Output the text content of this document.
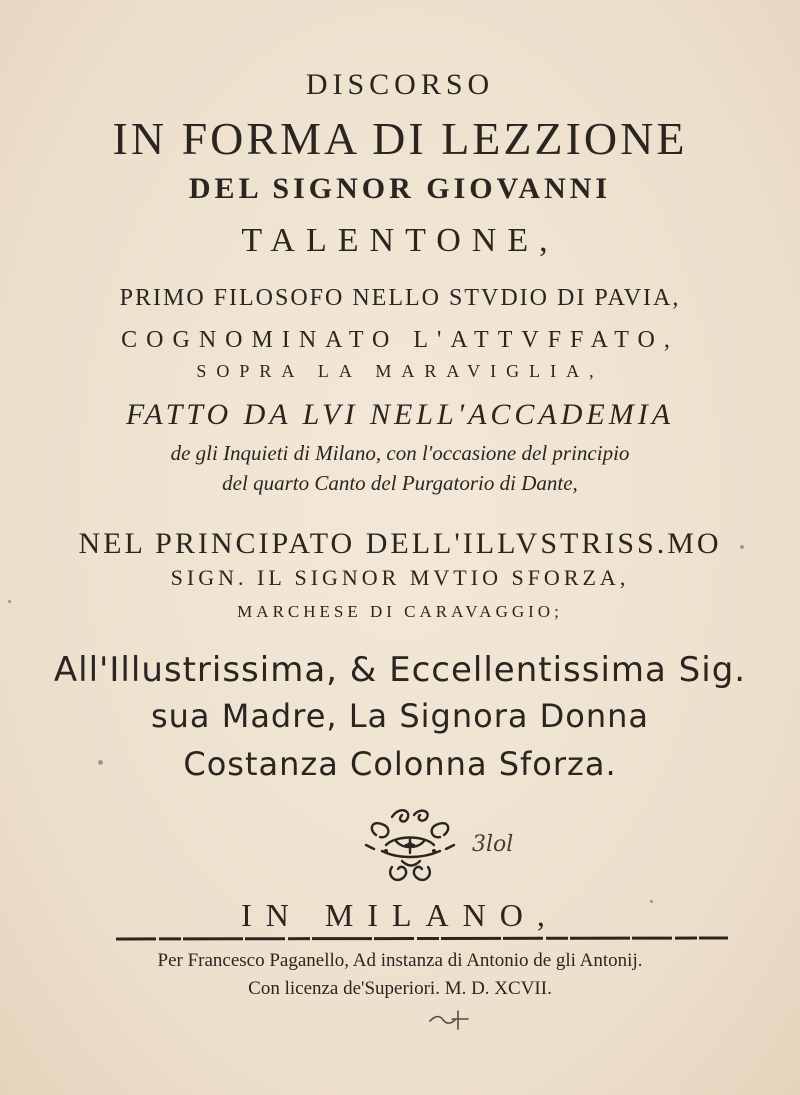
DISCORSO
IN FORMA DI LEZZIONE
DEL SIGNOR GIOVANNI
TALENTONE,
PRIMO FILOSOFO NELLO STVDIO DI PAVIA,
COGNOMINATO L'ATTVFFATO,
SOPRA LA MARAVIGLIA,
FATTO DA LVI NELL'ACCADEMIA
de gli Inquieti di Milano, con l'occasione del principio
del quarto Canto del Purgatorio di Dante,
NEL PRINCIPATO DELL'ILLVSTRISS.MO
SIGN. IL SIGNOR MVTIO SFORZA,
MARCHESE DI CARAVAGGIO;
All'Illustrissima, & Eccellentissima Sig.
sua Madre, La Signora Donna
Costanza Colonna Sforza.
3lol
IN MILANO,
Per Francesco Paganello, Ad instanza di Antonio de gli Antonij.
Con licenza de'Superiori. M. D. XCVII.
